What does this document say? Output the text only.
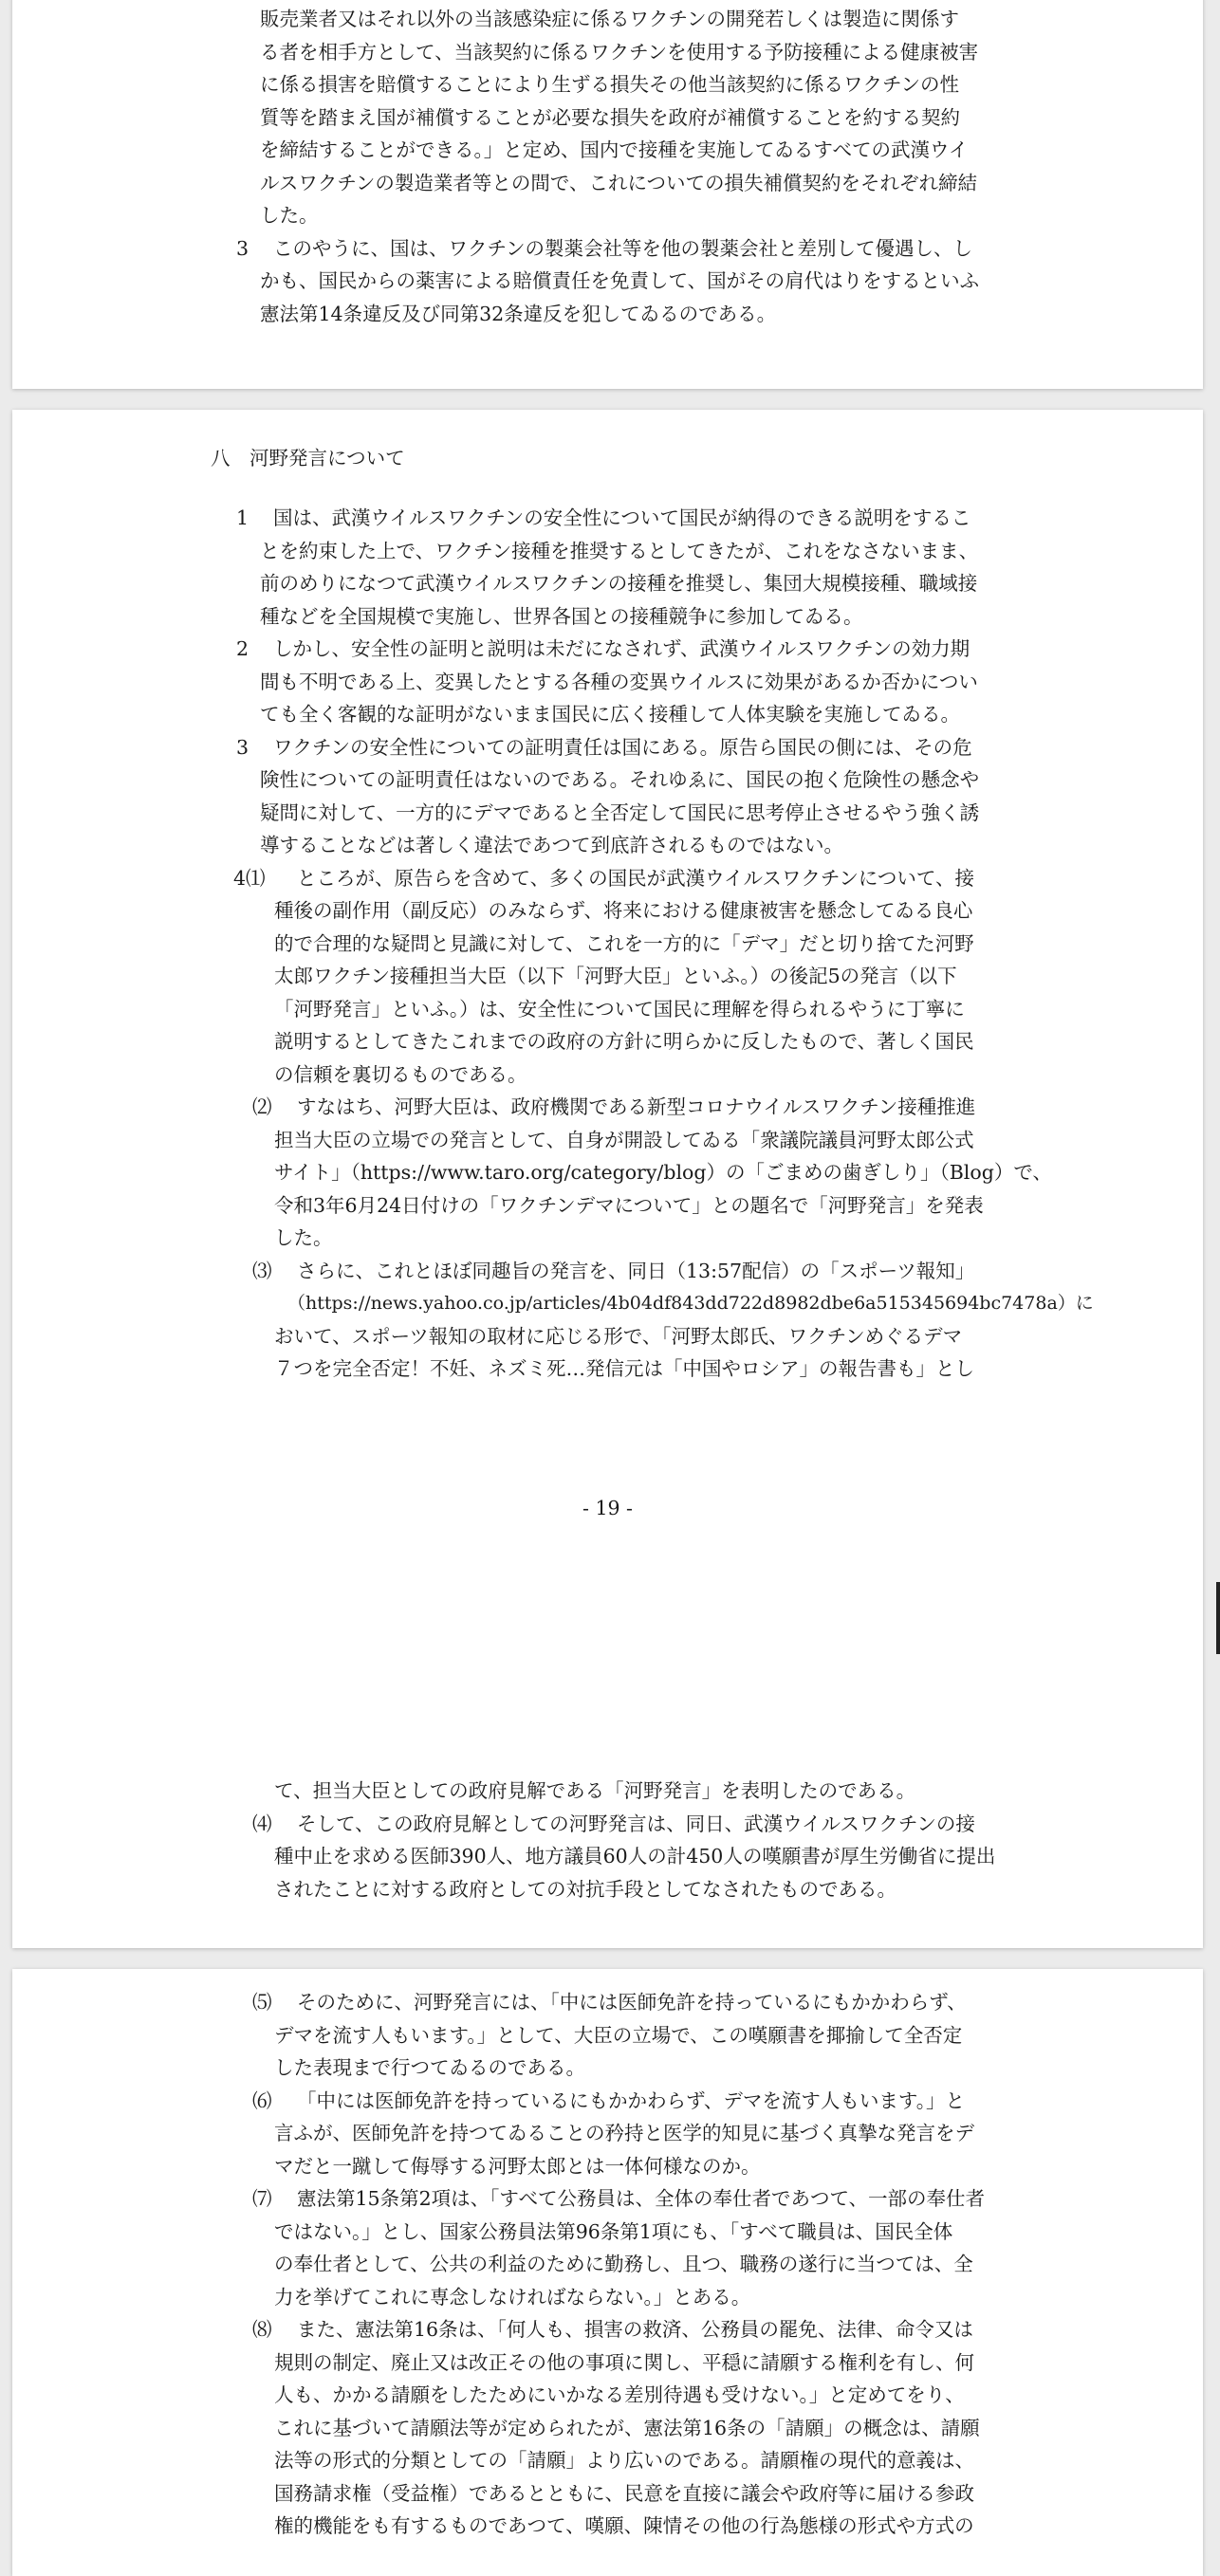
販売業者又はそれ以外の当該感染症に係るワクチンの開発若しくは製造に関係す

る者を相手方として、当該契約に係るワクチンを使用する予防接種による健康被害

に係る損害を賠償することにより生ずる損失その他当該契約に係るワクチンの性

質等を踏まえ国が補償することが必要な損失を政府が補償することを約する契約

を締結することができる。」と定め、国内で接種を実施してゐるすべての武漢ウイ

ルスワクチンの製造業者等との間で、これについての損失補償契約をそれぞれ締結

した。

3 このやうに、国は、ワクチンの製薬会社等を他の製薬会社と差別して優遇し、し

かも、国民からの薬害による賠償責任を免責して、国がその肩代はりをするといふ

憲法第14条違反及び同第32条違反を犯してゐるのである。

八　河野発言について

1 国は、武漢ウイルスワクチンの安全性について国民が納得のできる説明をするこ

とを約束した上で、ワクチン接種を推奨するとしてきたが、これをなさないまま、

前のめりになつて武漢ウイルスワクチンの接種を推奨し、集団大規模接種、職域接

種などを全国規模で実施し、世界各国との接種競争に参加してゐる。

2 しかし、安全性の証明と説明は未だになされず、武漢ウイルスワクチンの効力期

間も不明である上、変異したとする各種の変異ウイルスに効果があるか否かについ

ても全く客観的な証明がないまま国民に広く接種して人体実験を実施してゐる。

3 ワクチンの安全性についての証明責任は国にある。原告ら国民の側には、その危

険性についての証明責任はないのである。それゆゑに、国民の抱く危険性の懸念や

疑問に対して、一方的にデマであると全否定して国民に思考停止させるやう強く誘

導することなどは著しく違法であつて到底許されるものではない。

4⑴ ところが、原告らを含めて、多くの国民が武漢ウイルスワクチンについて、接

種後の副作用（副反応）のみならず、将来における健康被害を懸念してゐる良心

的で合理的な疑問と見識に対して、これを一方的に「デマ」だと切り捨てた河野

太郎ワクチン接種担当大臣（以下「河野大臣」といふ。）の後記5の発言（以下

「河野発言」といふ。）は、安全性について国民に理解を得られるやうに丁寧に

説明するとしてきたこれまでの政府の方針に明らかに反したもので、著しく国民

の信頼を裏切るものである。

⑵ すなはち、河野大臣は、政府機関である新型コロナウイルスワクチン接種推進

担当大臣の立場での発言として、自身が開設してゐる「衆議院議員河野太郎公式

サイト」（https://www.taro.org/category/blog）の「ごまめの歯ぎしり」（Blog）で、

令和3年6月24日付けの「ワクチンデマについて」との題名で「河野発言」を発表

した。

⑶ さらに、これとほぼ同趣旨の発言を、同日（13:57配信）の「スポーツ報知」

（https://news.yahoo.co.jp/articles/4b04df843dd722d8982dbe6a515345694bc7478a）に

おいて、スポーツ報知の取材に応じる形で、「河野太郎氏、ワクチンめぐるデマ

７つを完全否定！不妊、ネズミ死…発信元は「中国やロシア」の報告書も」とし

- 19 -

て、担当大臣としての政府見解である「河野発言」を表明したのである。

⑷ そして、この政府見解としての河野発言は、同日、武漢ウイルスワクチンの接

種中止を求める医師390人、地方議員60人の計450人の嘆願書が厚生労働省に提出

されたことに対する政府としての対抗手段としてなされたものである。

⑸ そのために、河野発言には、「中には医師免許を持っているにもかかわらず、

デマを流す人もいます。」として、大臣の立場で、この嘆願書を揶揄して全否定

した表現まで行つてゐるのである。

⑹ 「中には医師免許を持っているにもかかわらず、デマを流す人もいます。」と

言ふが、医師免許を持つてゐることの矜持と医学的知見に基づく真摯な発言をデ

マだと一蹴して侮辱する河野太郎とは一体何様なのか。

⑺ 憲法第15条第2項は、「すべて公務員は、全体の奉仕者であつて、一部の奉仕者

ではない。」とし、国家公務員法第96条第1項にも、「すべて職員は、国民全体

の奉仕者として、公共の利益のために勤務し、且つ、職務の遂行に当つては、全

力を挙げてこれに専念しなければならない。」とある。

⑻ また、憲法第16条は、「何人も、損害の救済、公務員の罷免、法律、命令又は

規則の制定、廃止又は改正その他の事項に関し、平穏に請願する権利を有し、何

人も、かかる請願をしたためにいかなる差別待遇も受けない。」と定めてをり、

これに基づいて請願法等が定められたが、憲法第16条の「請願」の概念は、請願

法等の形式的分類としての「請願」より広いのである。請願権の現代的意義は、

国務請求権（受益権）であるとともに、民意を直接に議会や政府等に届ける参政

権的機能をも有するものであつて、嘆願、陳情その他の行為態様の形式や方式の
